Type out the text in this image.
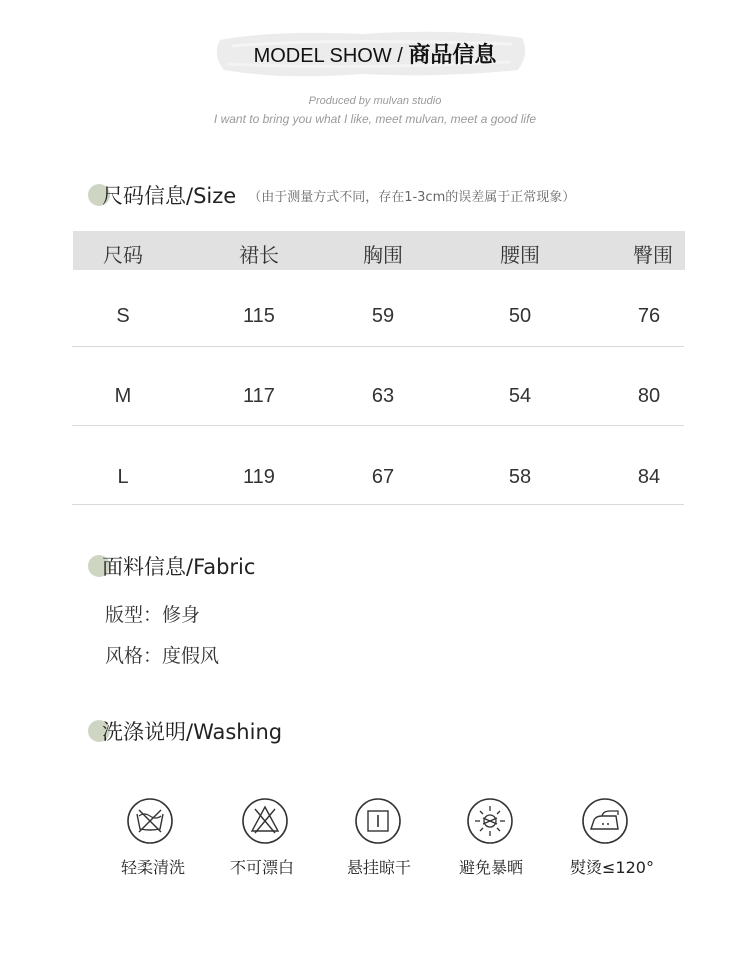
MODEL SHOW / 商品信息
Produced by mulvan studio
I want to bring you what I like, meet mulvan, meet a good life
尺码信息/Size （由于测量方式不同，存在1-3cm的误差属于正常现象）
尺码	裙长	胸围	腰围	臀围
S	115	59	50	76
M	117	63	54	80
L	119	67	58	84
面料信息/Fabric
版型：修身
风格：度假风
洗涤说明/Washing
轻柔清洗	不可漂白	悬挂晾干	避免暴晒	熨烫≤120°
